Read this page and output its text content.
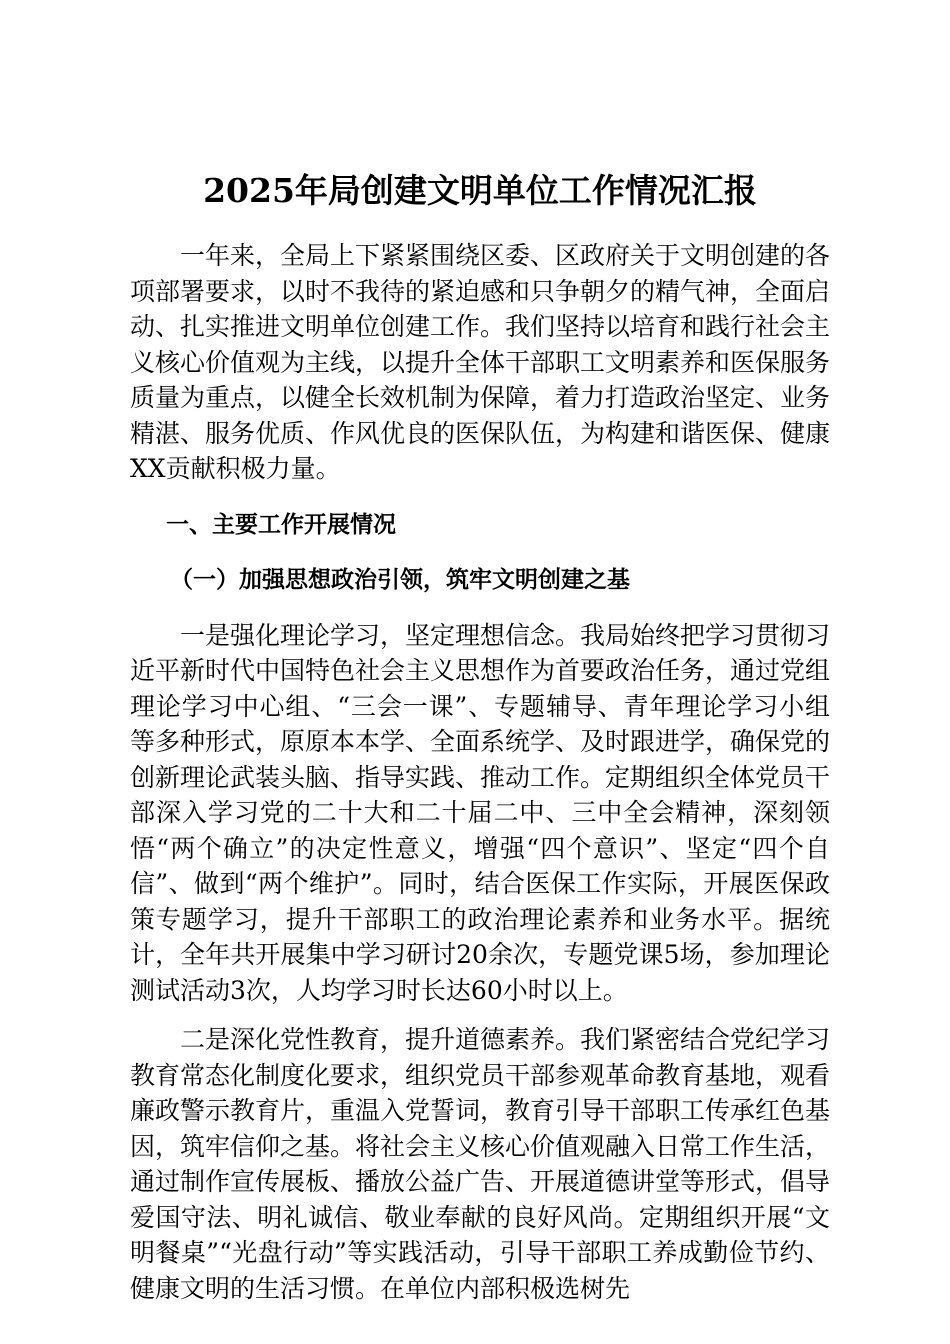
2025年局创建文明单位工作情况汇报

一年来，全局上下紧紧围绕区委、区政府关于文明创建的各项部署要求，以时不我待的紧迫感和只争朝夕的精气神，全面启动、扎实推进文明单位创建工作。我们坚持以培育和践行社会主义核心价值观为主线，以提升全体干部职工文明素养和医保服务质量为重点，以健全长效机制为保障，着力打造政治坚定、业务精湛、服务优质、作风优良的医保队伍，为构建和谐医保、健康XX贡献积极力量。

一、主要工作开展情况
（一）加强思想政治引领，筑牢文明创建之基

一是强化理论学习，坚定理想信念。我局始终把学习贯彻习近平新时代中国特色社会主义思想作为首要政治任务，通过党组理论学习中心组、“三会一课”、专题辅导、青年理论学习小组等多种形式，原原本本学、全面系统学、及时跟进学，确保党的创新理论武装头脑、指导实践、推动工作。定期组织全体党员干部深入学习党的二十大和二十届二中、三中全会精神，深刻领悟“两个确立”的决定性意义，增强“四个意识”、坚定“四个自信”、做到“两个维护”。同时，结合医保工作实际，开展医保政策专题学习，提升干部职工的政治理论素养和业务水平。据统计，全年共开展集中学习研讨20余次，专题党课5场，参加理论测试活动3次，人均学习时长达60小时以上。

二是深化党性教育，提升道德素养。我们紧密结合党纪学习教育常态化制度化要求，组织党员干部参观革命教育基地，观看廉政警示教育片，重温入党誓词，教育引导干部职工传承红色基因，筑牢信仰之基。将社会主义核心价值观融入日常工作生活，通过制作宣传展板、播放公益广告、开展道德讲堂等形式，倡导爱国守法、明礼诚信、敬业奉献的良好风尚。定期组织开展“文明餐桌”“光盘行动”等实践活动，引导干部职工养成勤俭节约、健康文明的生活习惯。在单位内部积极选树先
